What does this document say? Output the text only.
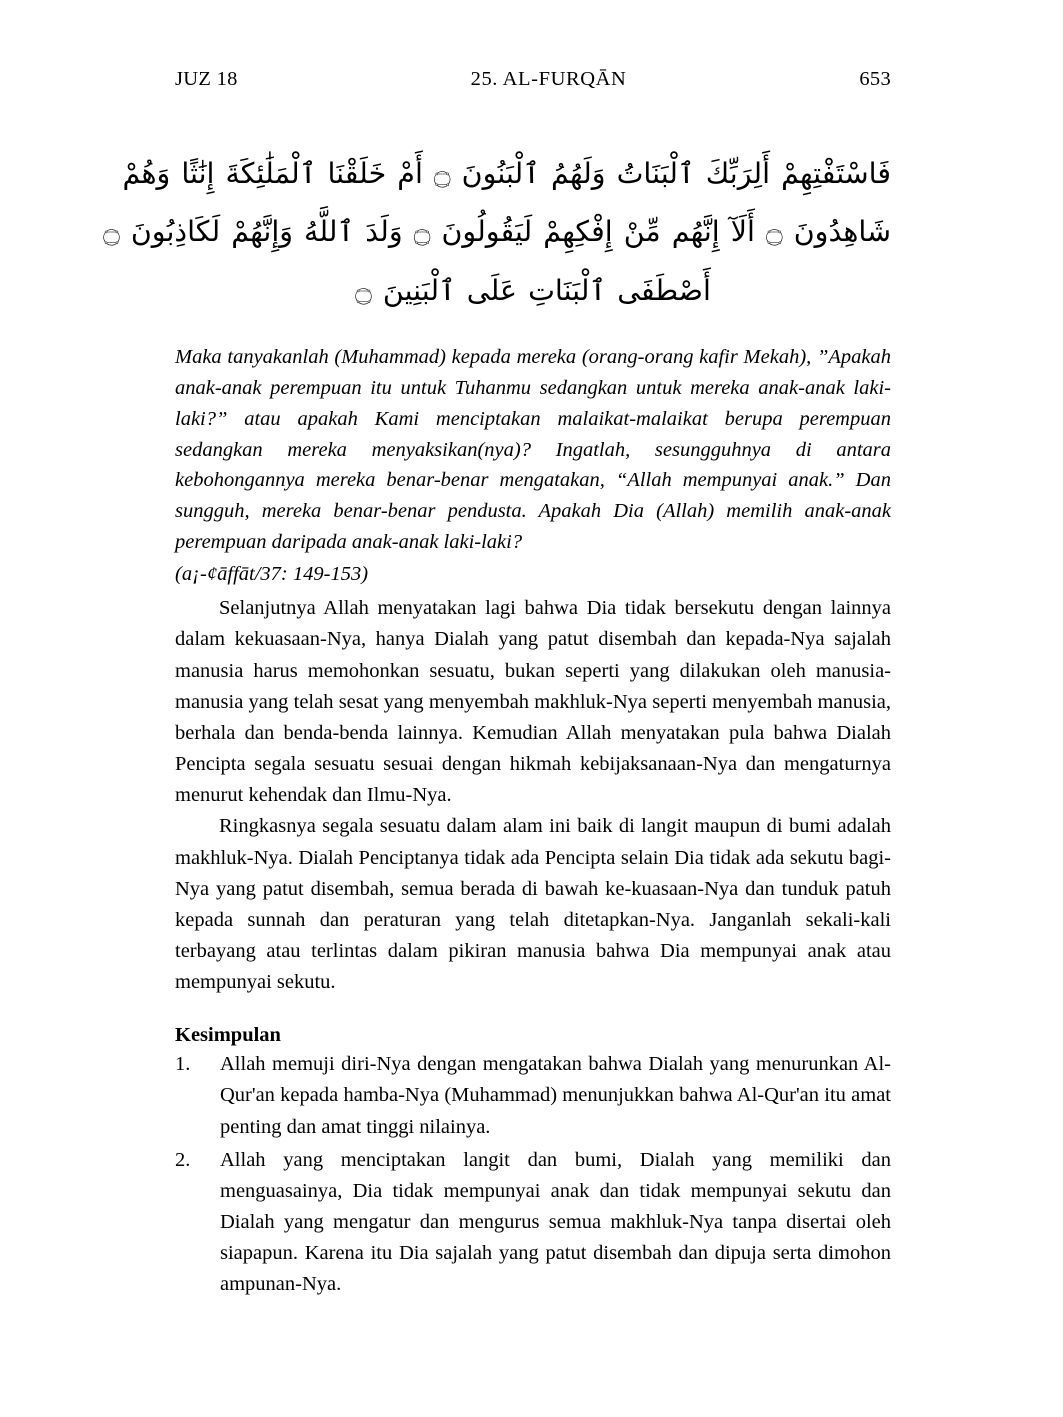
JUZ 18	25. AL-FURQĀN	653
فَاسْتَفْتِهِمْ أَلِرَبِّكَ ٱلْبَنَاتُ وَلَهُمُ ٱلْبَنُونَ ۝ أَمْ خَلَقْنَا ٱلْمَلَٰئِكَةَ إِنَٰثًا وَهُمْ
شَاهِدُونَ ۝ أَلَآ إِنَّهُم مِّنْ إِفْكِهِمْ لَيَقُولُونَ ۝ وَلَدَ ٱللَّهُ وَإِنَّهُمْ لَكَاذِبُونَ ۝
أَصْطَفَى ٱلْبَنَاتِ عَلَى ٱلْبَنِينَ ۝
Maka tanyakanlah (Muhammad) kepada mereka (orang-orang kafir Mekah), ”Apakah anak-anak perempuan itu untuk Tuhanmu sedangkan untuk mereka anak-anak laki-laki?” atau apakah Kami menciptakan malaikat-malaikat berupa perempuan sedangkan mereka menyaksikan(nya)? Ingatlah, sesungguhnya di antara kebohongannya mereka benar-benar mengatakan, “Allah mempunyai anak.” Dan sungguh, mereka benar-benar pendusta. Apakah Dia (Allah) memilih anak-anak perempuan daripada anak-anak laki-laki?
(a¡-¢āffāt/37: 149-153)

Selanjutnya Allah menyatakan lagi bahwa Dia tidak bersekutu dengan lainnya dalam kekuasaan-Nya, hanya Dialah yang patut disembah dan kepada-Nya sajalah manusia harus memohonkan sesuatu, bukan seperti yang dilakukan oleh manusia-manusia yang telah sesat yang menyembah makhluk-Nya seperti menyembah manusia, berhala dan benda-benda lainnya. Kemudian Allah menyatakan pula bahwa Dialah Pencipta segala sesuatu sesuai dengan hikmah kebijaksanaan-Nya dan mengaturnya menurut kehendak dan Ilmu-Nya.

Ringkasnya segala sesuatu dalam alam ini baik di langit maupun di bumi adalah makhluk-Nya. Dialah Penciptanya tidak ada Pencipta selain Dia tidak ada sekutu bagi-Nya yang patut disembah, semua berada di bawah ke-kuasaan-Nya dan tunduk patuh kepada sunnah dan peraturan yang telah ditetapkan-Nya. Janganlah sekali-kali terbayang atau terlintas dalam pikiran manusia bahwa Dia mempunyai anak atau mempunyai sekutu.

Kesimpulan
1.	Allah memuji diri-Nya dengan mengatakan bahwa Dialah yang menurunkan Al-Qur'an kepada hamba-Nya (Muhammad) menunjukkan bahwa Al-Qur'an itu amat penting dan amat tinggi nilainya.
2.	Allah yang menciptakan langit dan bumi, Dialah yang memiliki dan menguasainya, Dia tidak mempunyai anak dan tidak mempunyai sekutu dan Dialah yang mengatur dan mengurus semua makhluk-Nya tanpa disertai oleh siapapun. Karena itu Dia sajalah yang patut disembah dan dipuja serta dimohon ampunan-Nya.
